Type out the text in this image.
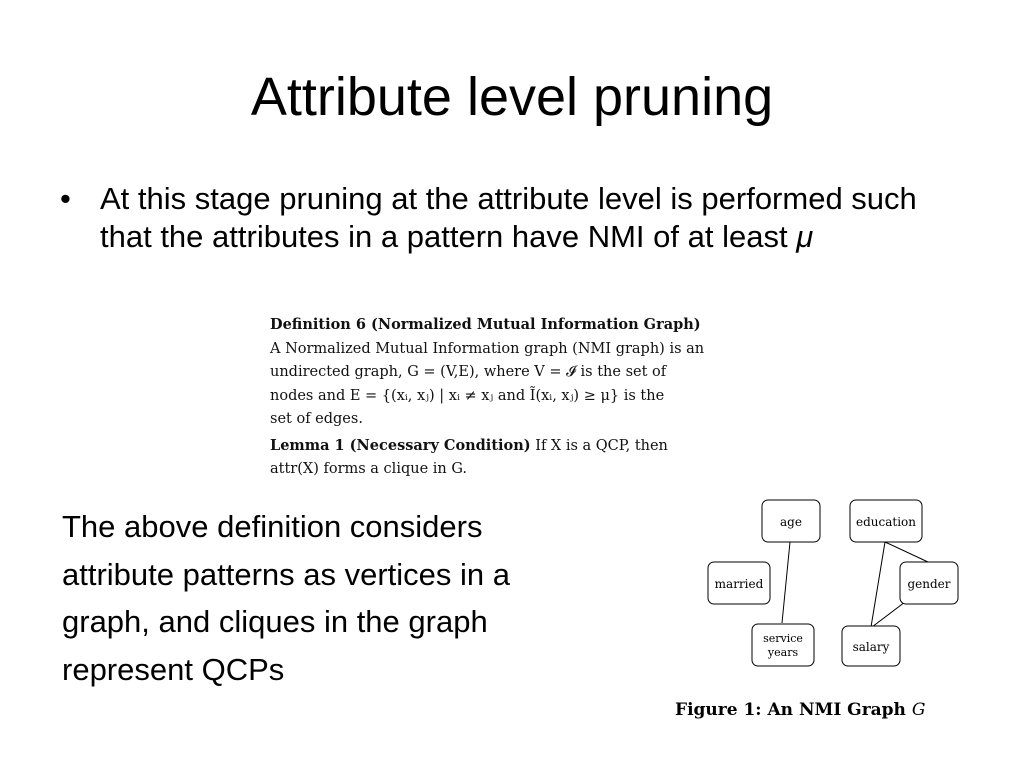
Attribute level pruning
• At this stage pruning at the attribute level is performed such that the attributes in a pattern have NMI of at least μ

Definition 6 (Normalized Mutual Information Graph)

A Normalized Mutual Information graph (NMI graph) is an

undirected graph, G = (V,E), where V = 𝓘 is the set of

nodes and E = {(xᵢ, xⱼ) | xᵢ ≠ xⱼ and Ĩ(xᵢ, xⱼ) ≥ μ} is the

set of edges.

Lemma 1 (Necessary Condition) If X is a QCP, then

attr(X) forms a clique in G.

The above definition considers
attribute patterns as vertices in a
graph, and cliques in the graph
represent QCPs
age	education
married	gender
service
years	salary
Figure 1: An NMI Graph G
